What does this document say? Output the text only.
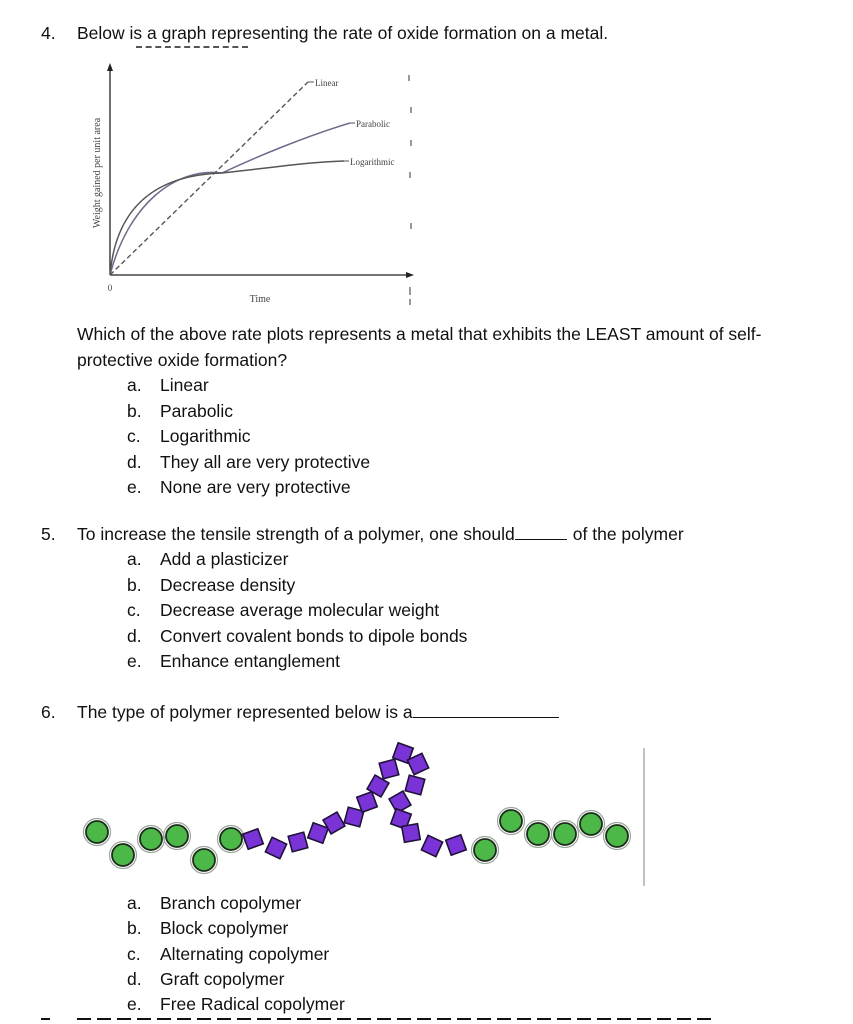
4. Below is a graph representing the rate of oxide formation on a metal.
Linear
Parabolic
Logarithmic
0
Time
Weight gained per unit area
Which of the above rate plots represents a metal that exhibits the LEAST amount of self-
protective oxide formation?
a. Linear
b. Parabolic
c. Logarithmic
d. They all are very protective
e. None are very protective
5. To increase the tensile strength of a polymer, one should	of the polymer
a. Add a plasticizer
b. Decrease density
c. Decrease average molecular weight
d. Convert covalent bonds to dipole bonds
e. Enhance entanglement
6. The type of polymer represented below is a
a. Branch copolymer
b. Block copolymer
c. Alternating copolymer
d. Graft copolymer
e. Free Radical copolymer
